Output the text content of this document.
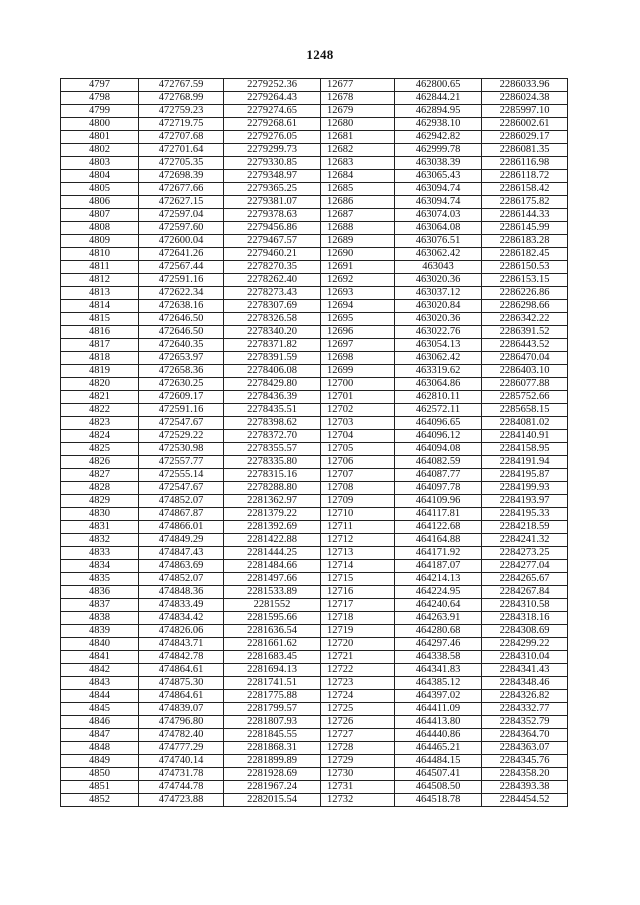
1248
4797	472767.59	2279252.36	12677	462800.65	2286033.96
4798	472768.99	2279264.43	12678	462844.21	2286024.38
4799	472759.23	2279274.65	12679	462894.95	2285997.10
4800	472719.75	2279268.61	12680	462938.10	2286002.61
4801	472707.68	2279276.05	12681	462942.82	2286029.17
4802	472701.64	2279299.73	12682	462999.78	2286081.35
4803	472705.35	2279330.85	12683	463038.39	2286116.98
4804	472698.39	2279348.97	12684	463065.43	2286118.72
4805	472677.66	2279365.25	12685	463094.74	2286158.42
4806	472627.15	2279381.07	12686	463094.74	2286175.82
4807	472597.04	2279378.63	12687	463074.03	2286144.33
4808	472597.60	2279456.86	12688	463064.08	2286145.99
4809	472600.04	2279467.57	12689	463076.51	2286183.28
4810	472641.26	2279460.21	12690	463062.42	2286182.45
4811	472567.44	2278270.35	12691	463043	2286150.53
4812	472591.16	2278262.40	12692	463020.36	2286153.15
4813	472622.34	2278273.43	12693	463037.12	2286226.86
4814	472638.16	2278307.69	12694	463020.84	2286298.66
4815	472646.50	2278326.58	12695	463020.36	2286342.22
4816	472646.50	2278340.20	12696	463022.76	2286391.52
4817	472640.35	2278371.82	12697	463054.13	2286443.52
4818	472653.97	2278391.59	12698	463062.42	2286470.04
4819	472658.36	2278406.08	12699	463319.62	2286403.10
4820	472630.25	2278429.80	12700	463064.86	2286077.88
4821	472609.17	2278436.39	12701	462810.11	2285752.66
4822	472591.16	2278435.51	12702	462572.11	2285658.15
4823	472547.67	2278398.62	12703	464096.65	2284081.02
4824	472529.22	2278372.70	12704	464096.12	2284140.91
4825	472530.98	2278355.57	12705	464094.08	2284158.95
4826	472557.77	2278335.80	12706	464082.59	2284191.94
4827	472555.14	2278315.16	12707	464087.77	2284195.87
4828	472547.67	2278288.80	12708	464097.78	2284199.93
4829	474852.07	2281362.97	12709	464109.96	2284193.97
4830	474867.87	2281379.22	12710	464117.81	2284195.33
4831	474866.01	2281392.69	12711	464122.68	2284218.59
4832	474849.29	2281422.88	12712	464164.88	2284241.32
4833	474847.43	2281444.25	12713	464171.92	2284273.25
4834	474863.69	2281484.66	12714	464187.07	2284277.04
4835	474852.07	2281497.66	12715	464214.13	2284265.67
4836	474848.36	2281533.89	12716	464224.95	2284267.84
4837	474833.49	2281552	12717	464240.64	2284310.58
4838	474834.42	2281595.66	12718	464263.91	2284318.16
4839	474826.06	2281636.54	12719	464280.68	2284308.69
4840	474843.71	2281661.62	12720	464297.46	2284299.22
4841	474842.78	2281683.45	12721	464338.58	2284310.04
4842	474864.61	2281694.13	12722	464341.83	2284341.43
4843	474875.30	2281741.51	12723	464385.12	2284348.46
4844	474864.61	2281775.88	12724	464397.02	2284326.82
4845	474839.07	2281799.57	12725	464411.09	2284332.77
4846	474796.80	2281807.93	12726	464413.80	2284352.79
4847	474782.40	2281845.55	12727	464440.86	2284364.70
4848	474777.29	2281868.31	12728	464465.21	2284363.07
4849	474740.14	2281899.89	12729	464484.15	2284345.76
4850	474731.78	2281928.69	12730	464507.41	2284358.20
4851	474744.78	2281967.24	12731	464508.50	2284393.38
4852	474723.88	2282015.54	12732	464518.78	2284454.52
